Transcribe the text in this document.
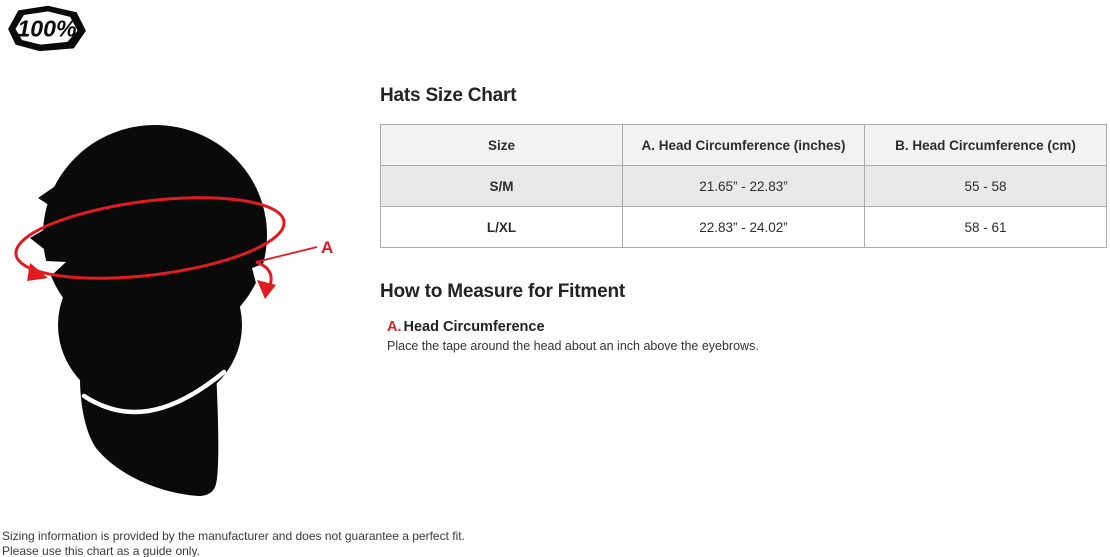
100%
A
Hats Size Chart
Size	A. Head Circumference (inches)	B. Head Circumference (cm)
S/M	21.65” - 22.83”	55 - 58
L/XL	22.83” - 24.02”	58 - 61
How to Measure for Fitment
A. Head Circumference

Place the tape around the head about an inch above the eyebrows.

Sizing information is provided by the manufacturer and does not guarantee a perfect fit.
Please use this chart as a guide only.
